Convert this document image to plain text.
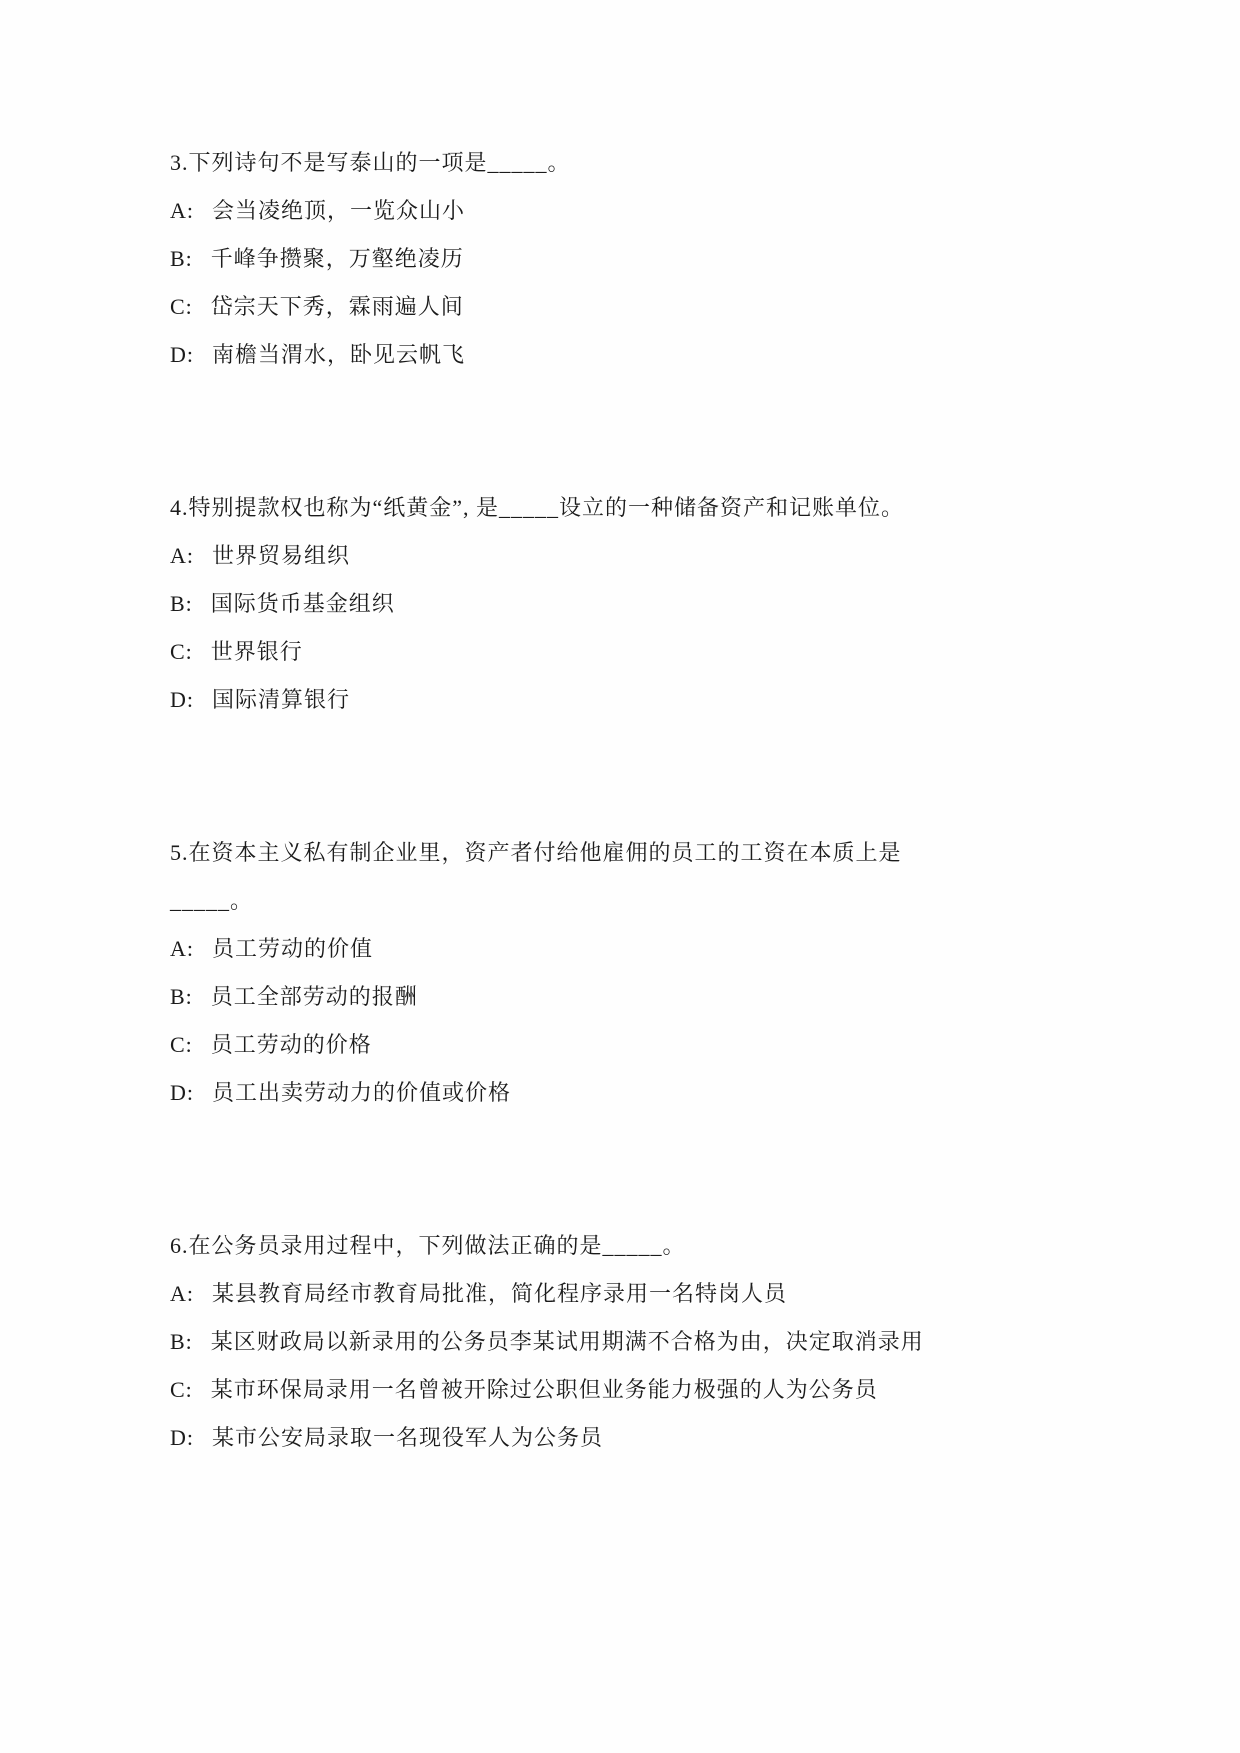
3.下列诗句不是写泰山的一项是_____。
A: 会当凌绝顶，一览众山小
B: 千峰争攒聚，万壑绝凌历
C: 岱宗天下秀，霖雨遍人间
D: 南檐当渭水，卧见云帆飞
4.特别提款权也称为“纸黄金”, 是_____设立的一种储备资产和记账单位。
A: 世界贸易组织
B: 国际货币基金组织
C: 世界银行
D: 国际清算银行
5.在资本主义私有制企业里，资产者付给他雇佣的员工的工资在本质上是
_____。
A: 员工劳动的价值
B: 员工全部劳动的报酬
C: 员工劳动的价格
D: 员工出卖劳动力的价值或价格
6.在公务员录用过程中，下列做法正确的是_____。
A: 某县教育局经市教育局批准，简化程序录用一名特岗人员
B: 某区财政局以新录用的公务员李某试用期满不合格为由，决定取消录用
C: 某市环保局录用一名曾被开除过公职但业务能力极强的人为公务员
D: 某市公安局录取一名现役军人为公务员
